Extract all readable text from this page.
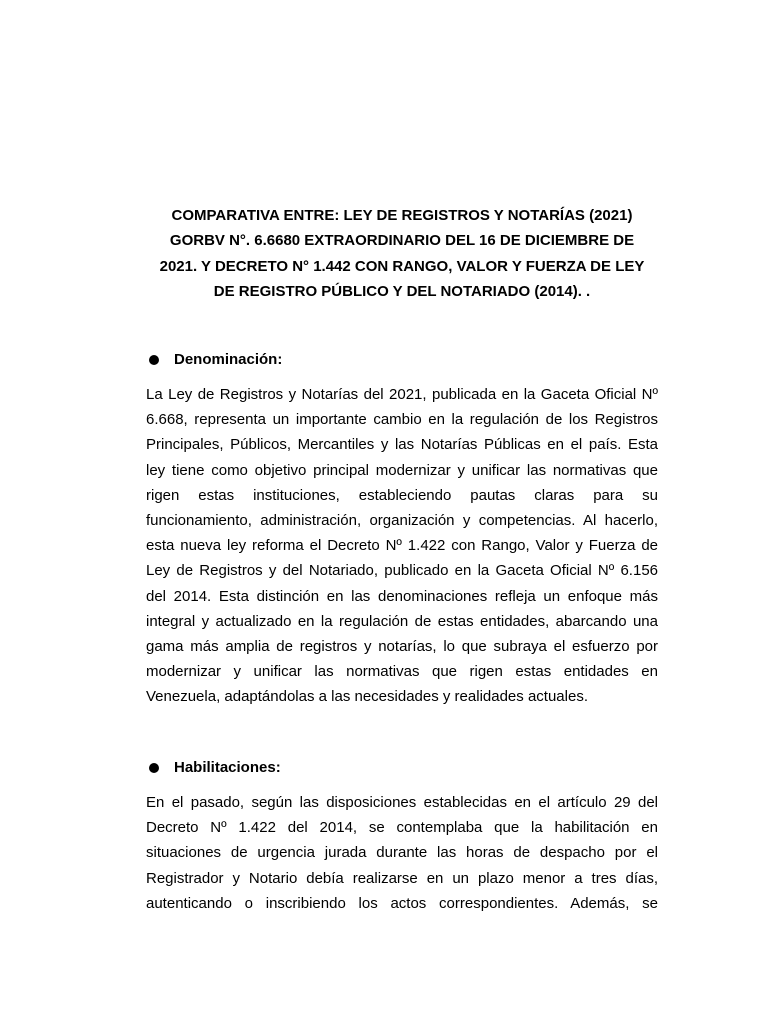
COMPARATIVA ENTRE: LEY DE REGISTROS Y NOTARÍAS (2021)
GORBV N°. 6.6680 EXTRAORDINARIO DEL 16 DE DICIEMBRE DE
2021. Y DECRETO N° 1.442 CON RANGO, VALOR Y FUERZA DE LEY
DE REGISTRO PÚBLICO Y DEL NOTARIADO (2014). .
Denominación:
La Ley de Registros y Notarías del 2021, publicada en la Gaceta Oficial Nº
6.668, representa un importante cambio en la regulación de los Registros
Principales, Públicos, Mercantiles y las Notarías Públicas en el país. Esta
ley tiene como objetivo principal modernizar y unificar las normativas que
rigen estas instituciones, estableciendo pautas claras para su
funcionamiento, administración, organización y competencias. Al hacerlo,
esta nueva ley reforma el Decreto Nº 1.422 con Rango, Valor y Fuerza de
Ley de Registros y del Notariado, publicado en la Gaceta Oficial Nº 6.156
del 2014. Esta distinción en las denominaciones refleja un enfoque más
integral y actualizado en la regulación de estas entidades, abarcando una
gama más amplia de registros y notarías, lo que subraya el esfuerzo por
modernizar y unificar las normativas que rigen estas entidades en
Venezuela, adaptándolas a las necesidades y realidades actuales.
Habilitaciones:
En el pasado, según las disposiciones establecidas en el artículo 29 del
Decreto Nº 1.422 del 2014, se contemplaba que la habilitación en
situaciones de urgencia jurada durante las horas de despacho por el
Registrador y Notario debía realizarse en un plazo menor a tres días,
autenticando o inscribiendo los actos correspondientes. Además, se
